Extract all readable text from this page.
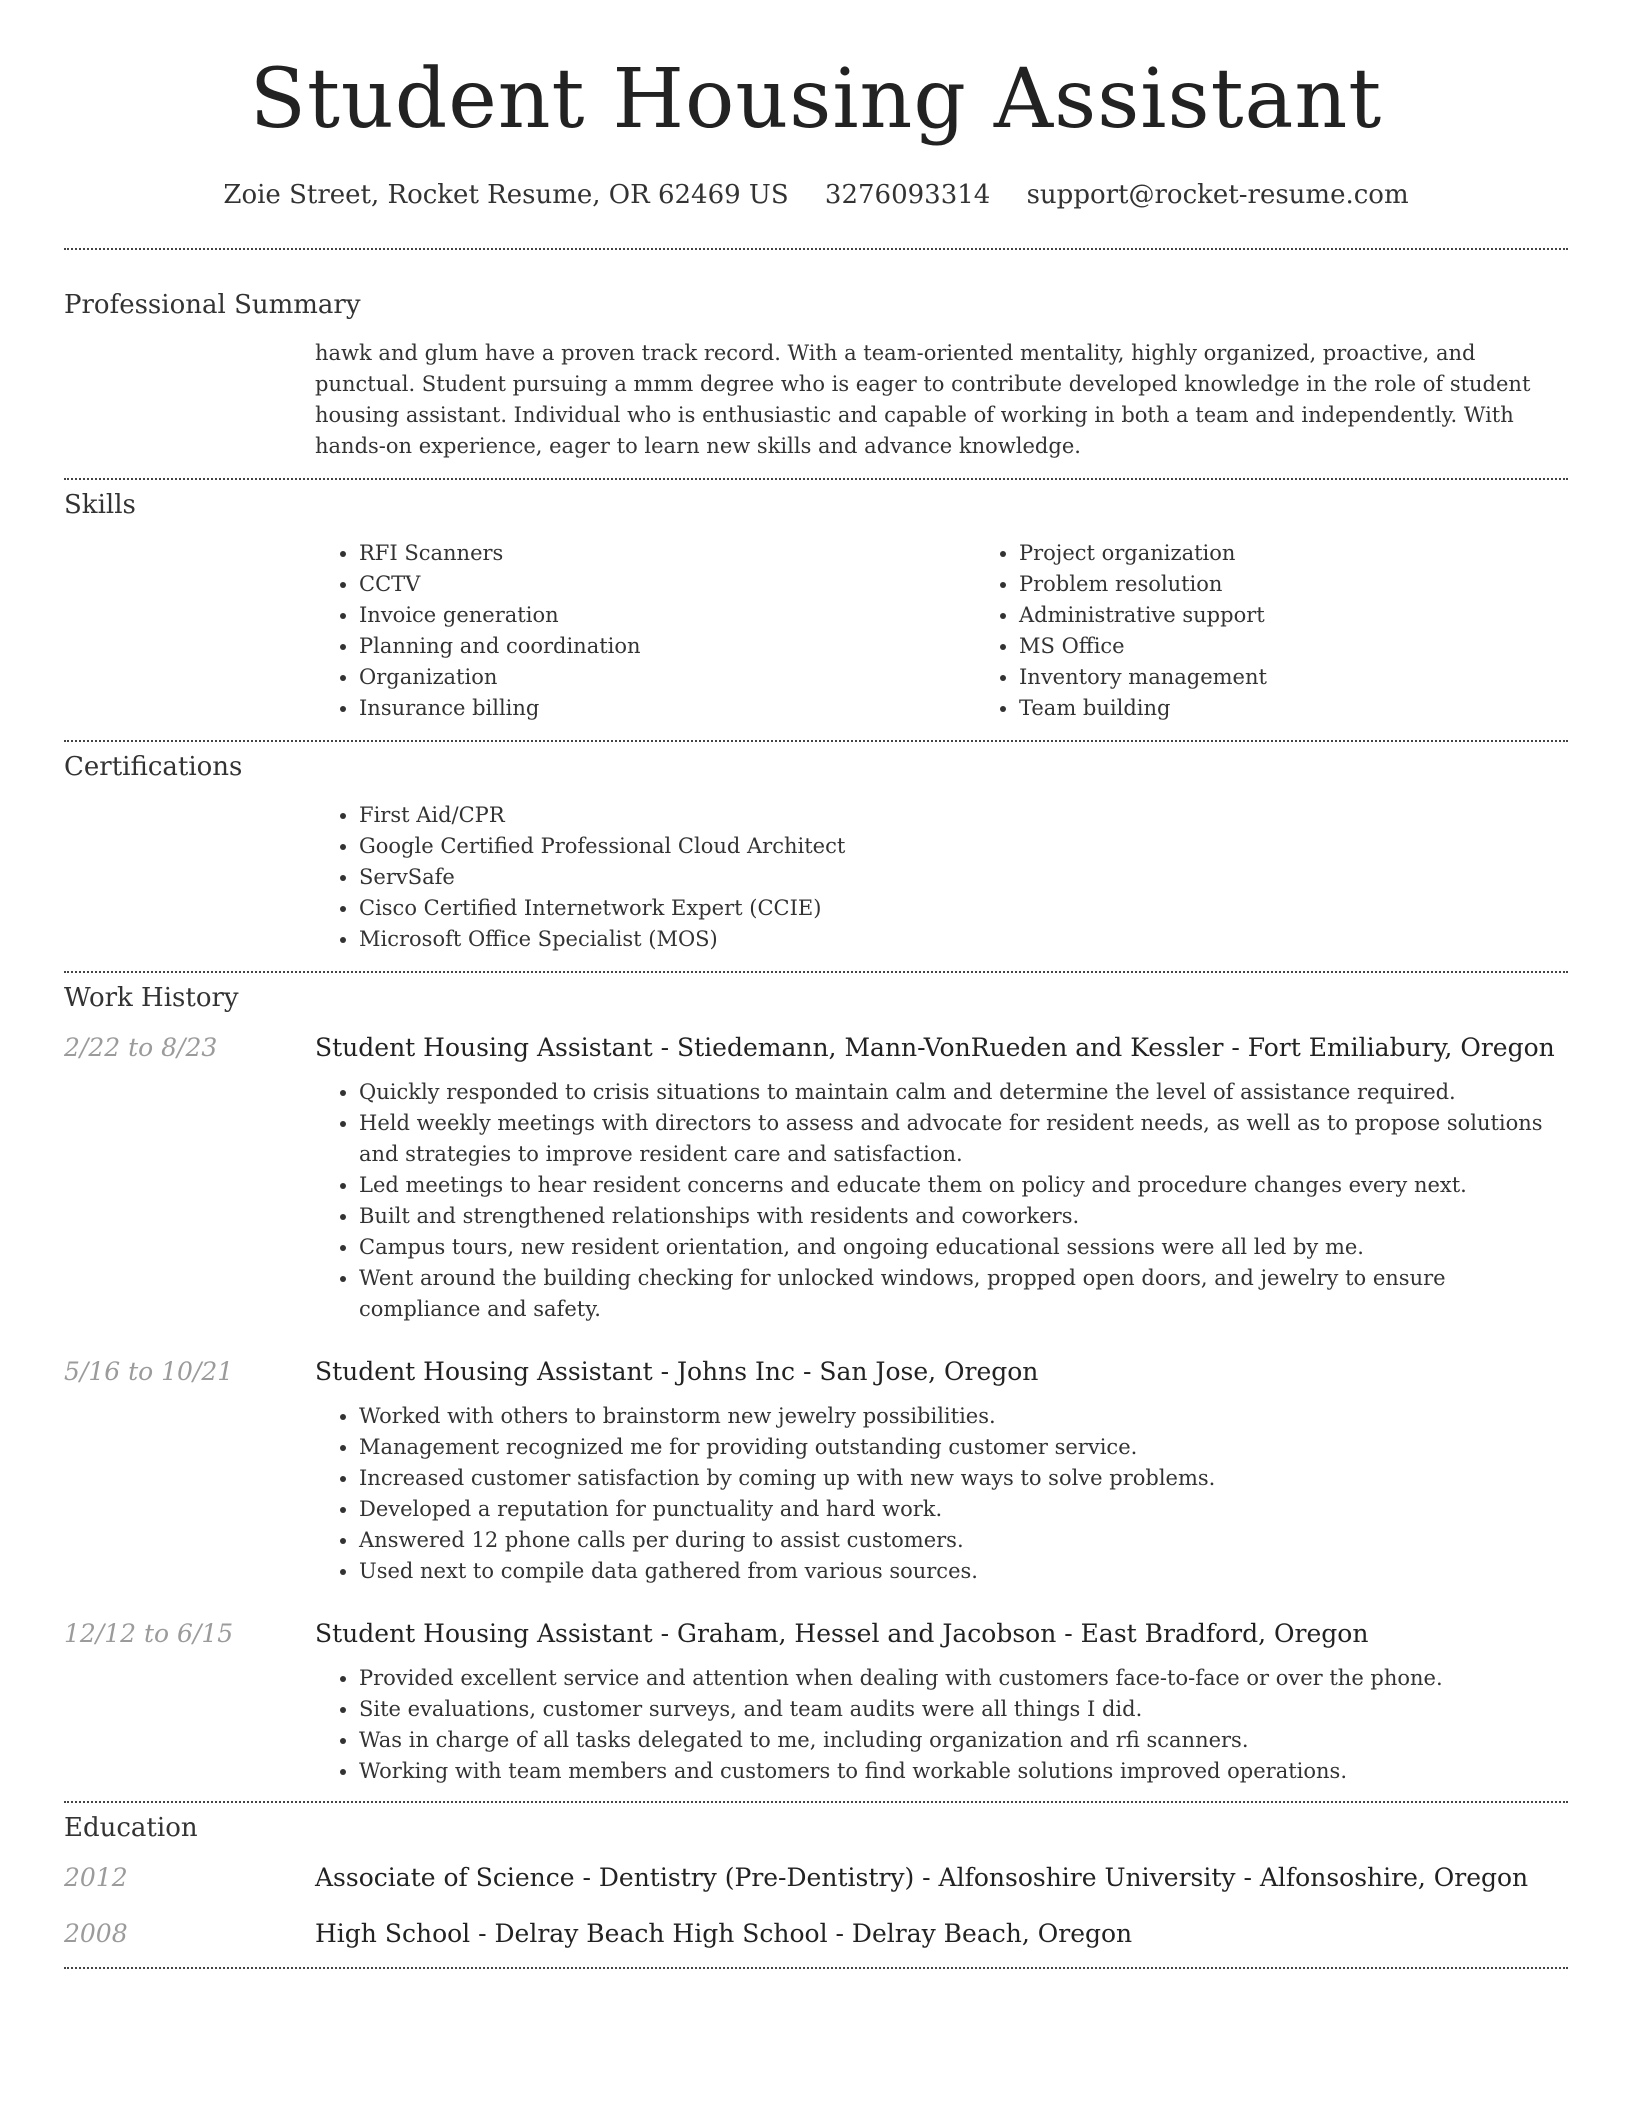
Student Housing Assistant
Zoie Street, Rocket Resume, OR 62469 US 3276093314 support@rocket-resume.com
Professional Summary

hawk and glum have a proven track record. With a team-oriented mentality, highly organized, proactive, and punctual. Student pursuing a mmm degree who is eager to contribute developed knowledge in the role of student housing assistant. Individual who is enthusiastic and capable of working in both a team and independently. With hands-on experience, eager to learn new skills and advance knowledge.

Skills
• RFI Scanners
• CCTV
• Invoice generation
• Planning and coordination
• Organization
• Insurance billing
• Project organization
• Problem resolution
• Administrative support
• MS Office
• Inventory management
• Team building
Certifications
• First Aid/CPR
• Google Certified Professional Cloud Architect
• ServSafe
• Cisco Certified Internetwork Expert (CCIE)
• Microsoft Office Specialist (MOS)
Work History
2/22 to 8/23	Student Housing Assistant - Stiedemann, Mann-VonRueden and Kessler - Fort Emiliabury, Oregon
• Quickly responded to crisis situations to maintain calm and determine the level of assistance required.
• Held weekly meetings with directors to assess and advocate for resident needs, as well as to propose solutions and strategies to improve resident care and satisfaction.
• Led meetings to hear resident concerns and educate them on policy and procedure changes every next.
• Built and strengthened relationships with residents and coworkers.
• Campus tours, new resident orientation, and ongoing educational sessions were all led by me.
• Went around the building checking for unlocked windows, propped open doors, and jewelry to ensure compliance and safety.
5/16 to 10/21	Student Housing Assistant - Johns Inc - San Jose, Oregon
• Worked with others to brainstorm new jewelry possibilities.
• Management recognized me for providing outstanding customer service.
• Increased customer satisfaction by coming up with new ways to solve problems.
• Developed a reputation for punctuality and hard work.
• Answered 12 phone calls per during to assist customers.
• Used next to compile data gathered from various sources.
12/12 to 6/15	Student Housing Assistant - Graham, Hessel and Jacobson - East Bradford, Oregon
• Provided excellent service and attention when dealing with customers face-to-face or over the phone.
• Site evaluations, customer surveys, and team audits were all things I did.
• Was in charge of all tasks delegated to me, including organization and rfi scanners.
• Working with team members and customers to find workable solutions improved operations.
Education
2012	Associate of Science - Dentistry (Pre-Dentistry) - Alfonsoshire University - Alfonsoshire, Oregon
2008	High School - Delray Beach High School - Delray Beach, Oregon
